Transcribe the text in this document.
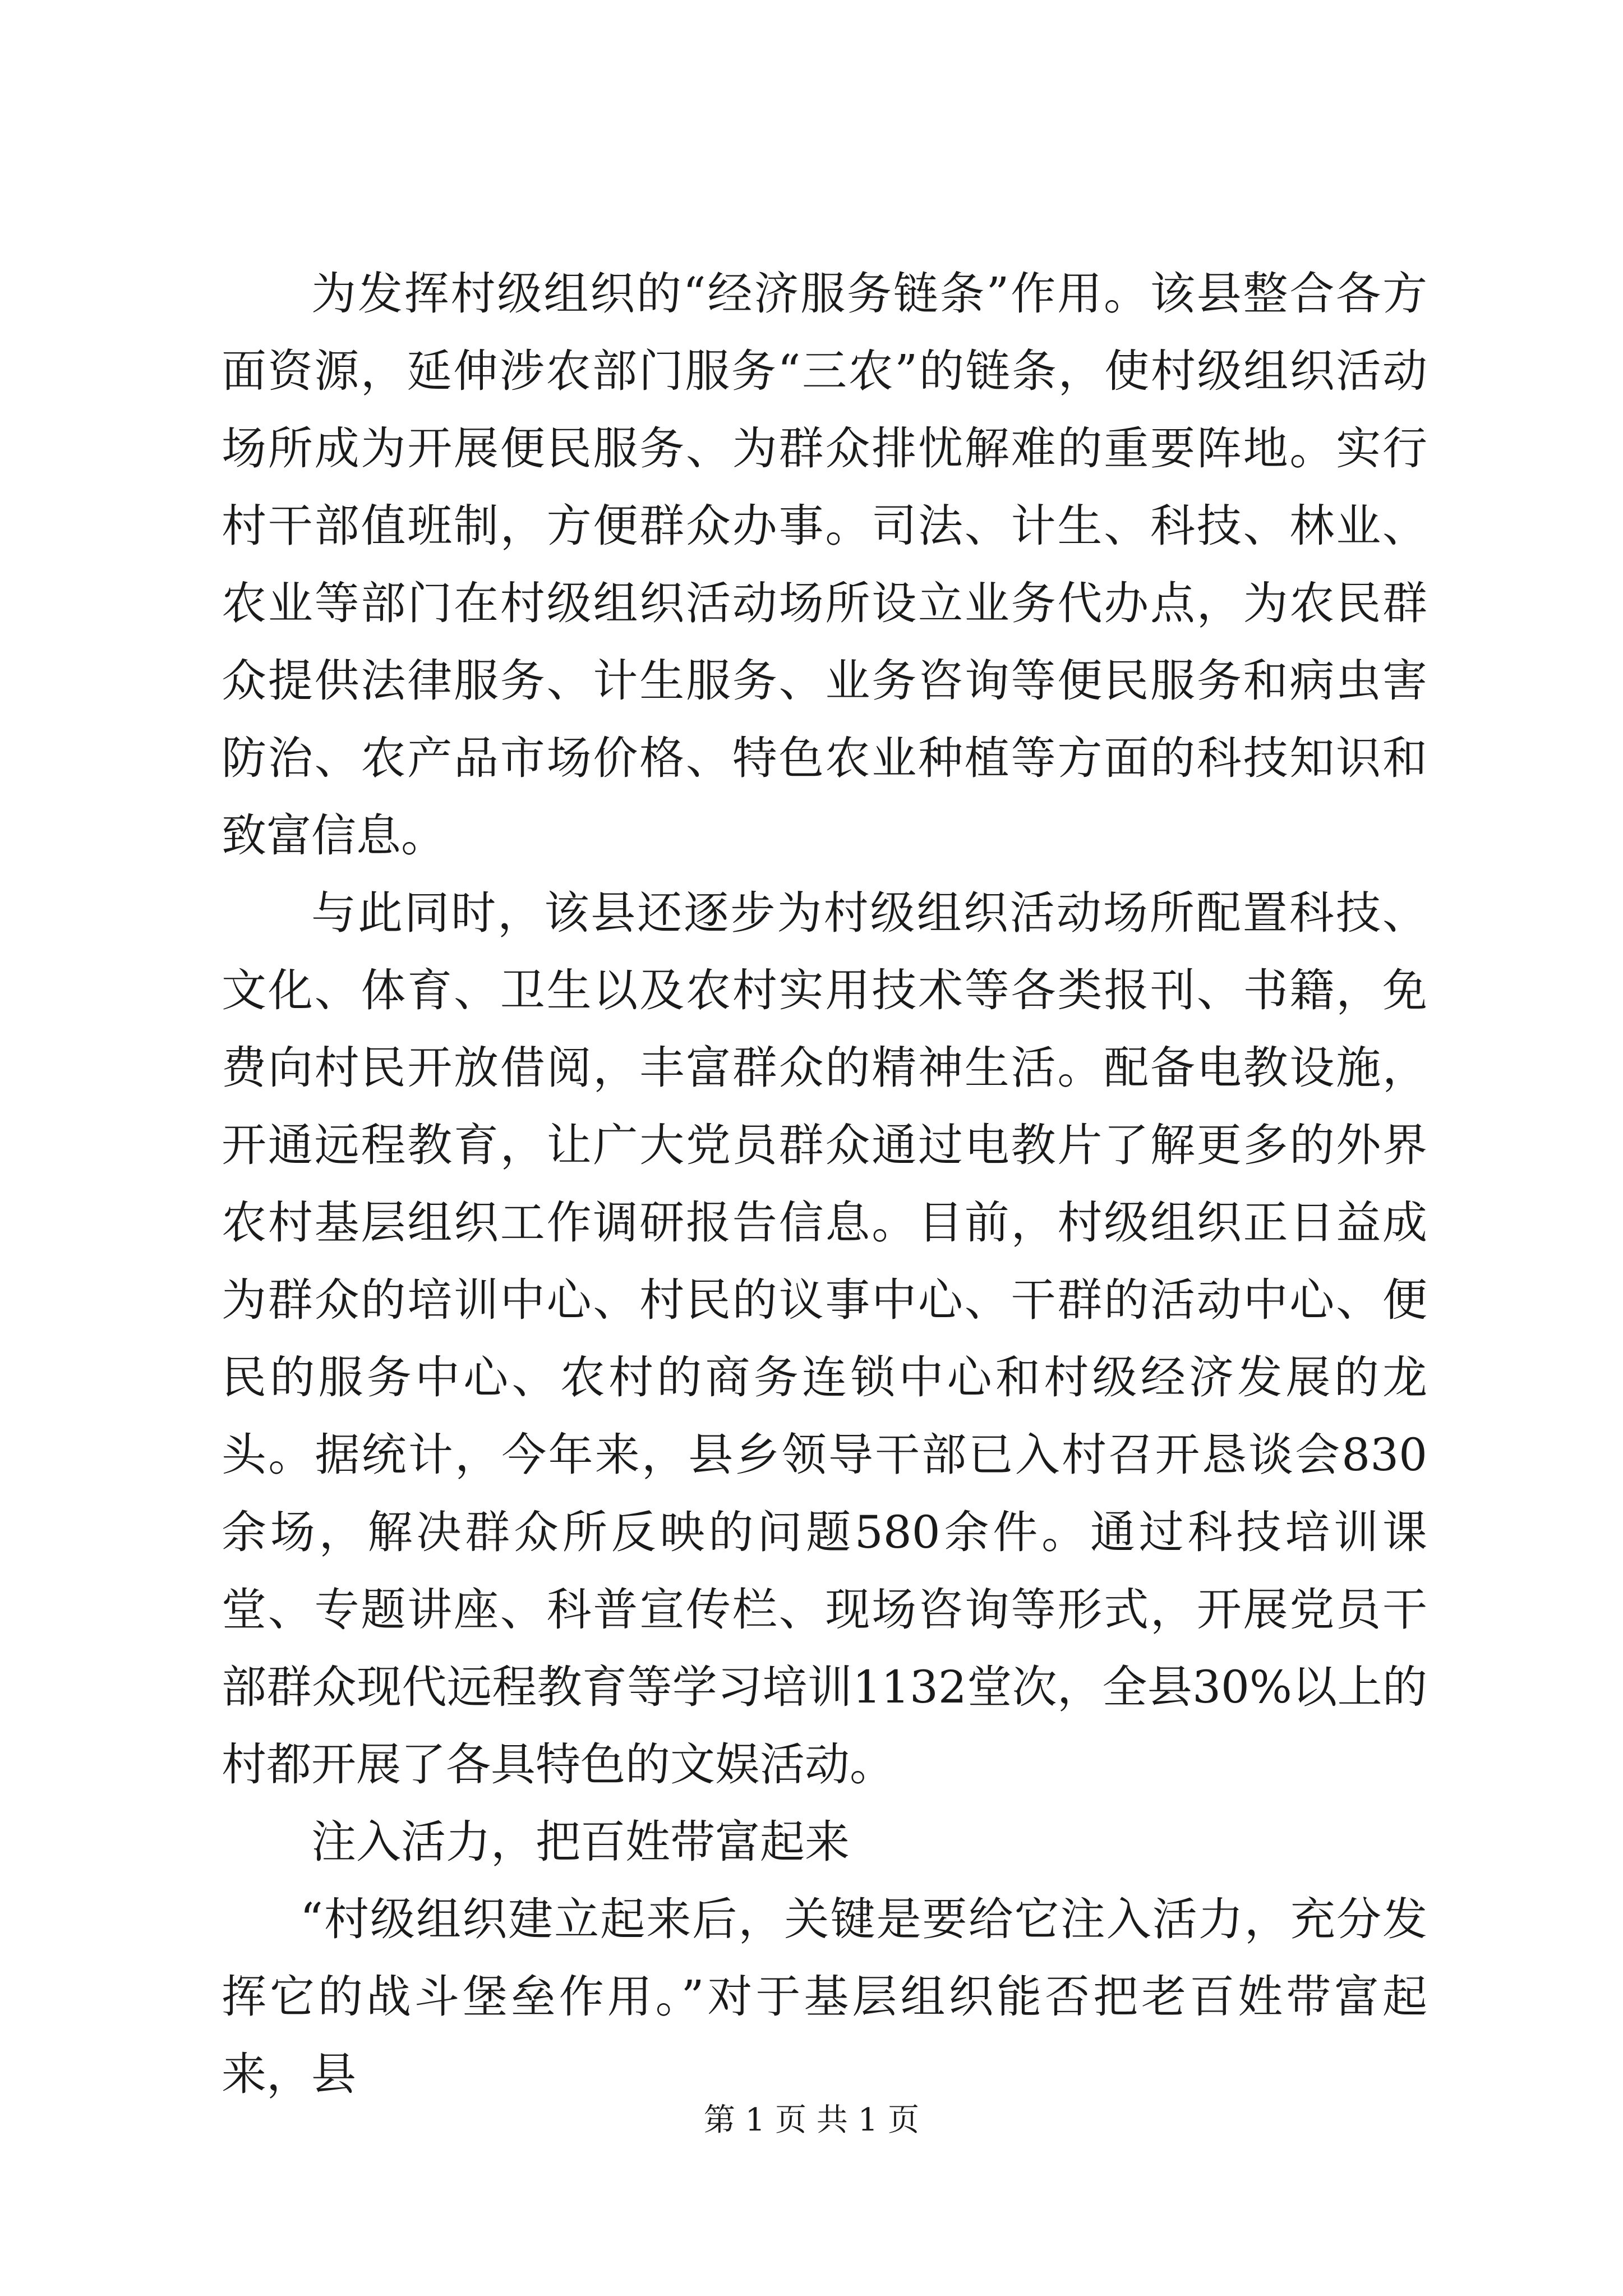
为发挥村级组织的“经济服务链条”作用。该县整合各方面资源，延伸涉农部门服务“三农”的链条，使村级组织活动场所成为开展便民服务、为群众排忧解难的重要阵地。实行村干部值班制，方便群众办事。司法、计生、科技、林业、农业等部门在村级组织活动场所设立业务代办点，为农民群众提供法律服务、计生服务、业务咨询等便民服务和病虫害防治、农产品市场价格、特色农业种植等方面的科技知识和致富信息。

与此同时，该县还逐步为村级组织活动场所配置科技、文化、体育、卫生以及农村实用技术等各类报刊、书籍，免费向村民开放借阅，丰富群众的精神生活。配备电教设施，开通远程教育，让广大党员群众通过电教片了解更多的外界农村基层组织工作调研报告信息。目前，村级组织正日益成为群众的培训中心、村民的议事中心、干群的活动中心、便民的服务中心、农村的商务连锁中心和村级经济发展的龙头。据统计，今年来，县乡领导干部已入村召开恳谈会830余场，解决群众所反映的问题580余件。通过科技培训课堂、专题讲座、科普宣传栏、现场咨询等形式，开展党员干部群众现代远程教育等学习培训1132堂次，全县30%以上的村都开展了各具特色的文娱活动。

注入活力，把百姓带富起来

“村级组织建立起来后，关键是要给它注入活力，充分发挥它的战斗堡垒作用。”对于基层组织能否把老百姓带富起来，县

第 1 页 共 1 页
